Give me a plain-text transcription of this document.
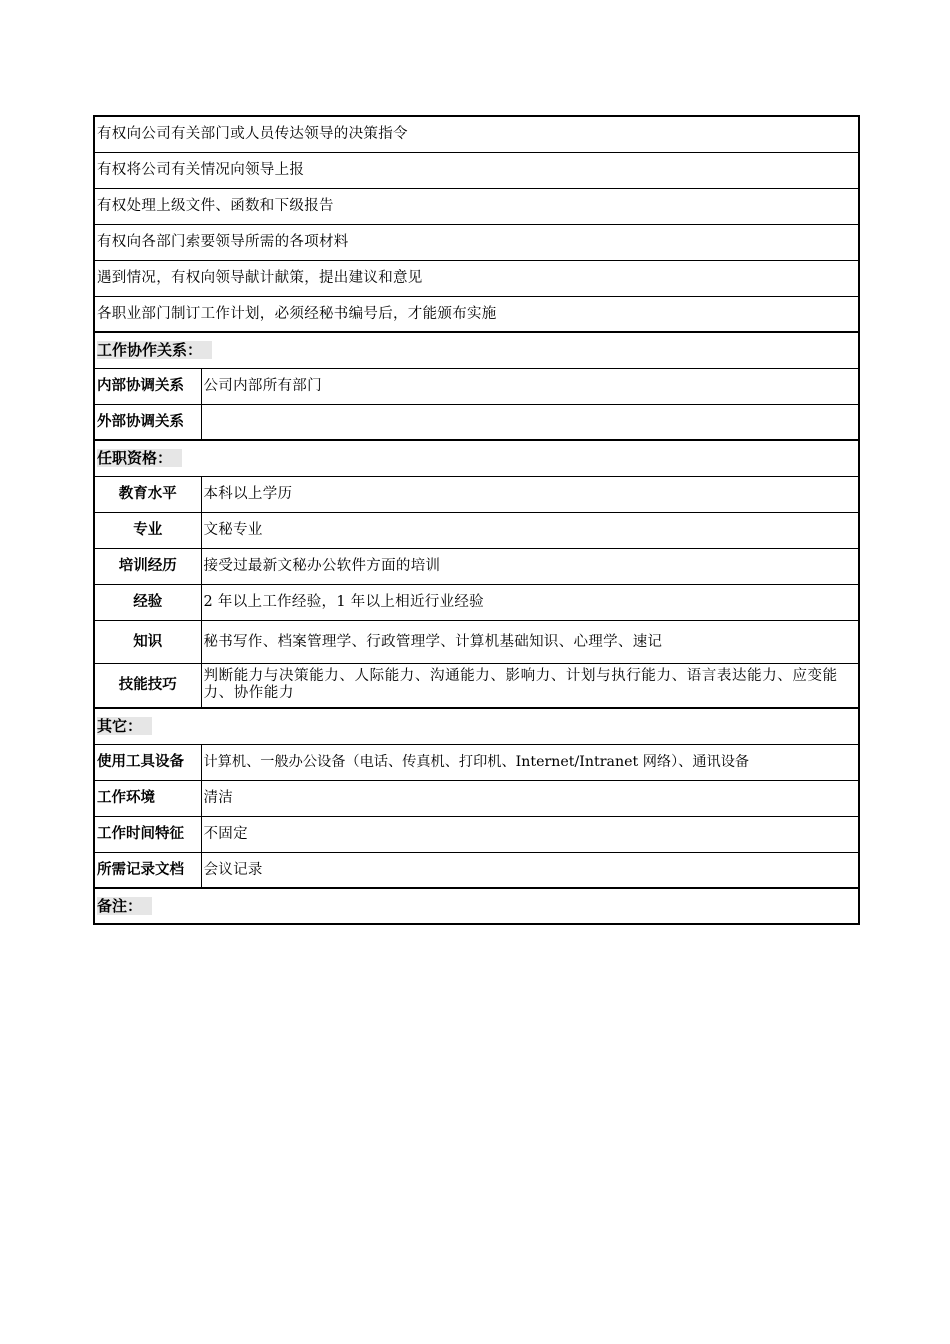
有权向公司有关部门或人员传达领导的决策指令	
有权将公司有关情况向领导上报	
有权处理上级文件、函数和下级报告	
有权向各部门索要领导所需的各项材料	
遇到情况，有权向领导献计献策，提出建议和意见	
各职业部门制订工作计划，必须经秘书编号后，才能颁布实施	
工作协作关系：	
内部协调关系	公司内部所有部门
外部协调关系	
任职资格：	
教育水平	本科以上学历
专业	文秘专业
培训经历	接受过最新文秘办公软件方面的培训
经验	2 年以上工作经验，1 年以上相近行业经验
知识	秘书写作、档案管理学、行政管理学、计算机基础知识、心理学、速记
技能技巧	判断能力与决策能力、人际能力、沟通能力、影响力、计划与执行能力、语言表达能力、应变能力、协作能力
其它：	
使用工具设备	计算机、一般办公设备（电话、传真机、打印机、Internet/Intranet 网络）、通讯设备
工作环境	清洁
工作时间特征	不固定
所需记录文档	会议记录
备注：	
